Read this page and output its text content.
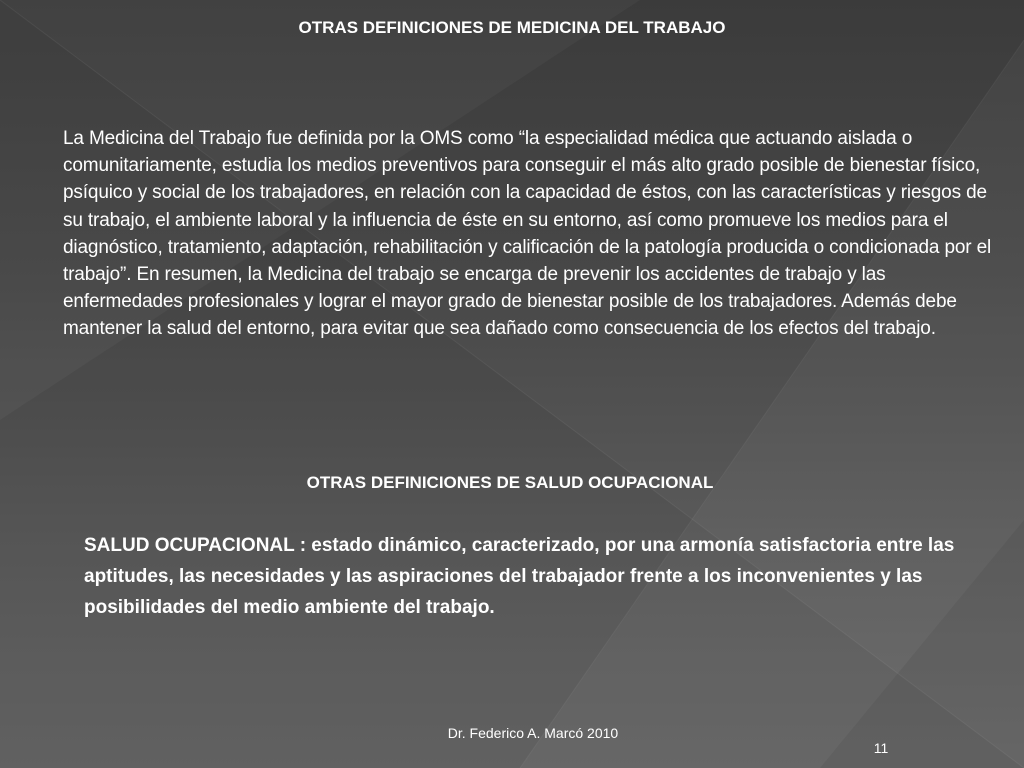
OTRAS DEFINICIONES DE MEDICINA DEL TRABAJO

La Medicina del Trabajo fue definida por la OMS como “la especialidad médica que actuando aislada o comunitariamente, estudia los medios preventivos para conseguir el más alto grado posible de bienestar físico, psíquico y social de los trabajadores, en relación con la capacidad de éstos, con las características y riesgos de su trabajo, el ambiente laboral y la influencia de éste en su entorno, así como promueve los medios para el diagnóstico, tratamiento, adaptación, rehabilitación y calificación de la patología producida o condicionada por el trabajo”. En resumen, la Medicina del trabajo se encarga de prevenir los accidentes de trabajo y las enfermedades profesionales y lograr el mayor grado de bienestar posible de los trabajadores. Además debe mantener la salud del entorno, para evitar que sea dañado como consecuencia de los efectos del trabajo.

OTRAS DEFINICIONES DE SALUD OCUPACIONAL

SALUD OCUPACIONAL : estado dinámico, caracterizado, por una armonía satisfactoria entre las aptitudes, las necesidades y las aspiraciones del trabajador frente a los inconvenientes y las posibilidades del medio ambiente del trabajo.

Dr. Federico A. Marcó 2010
11
